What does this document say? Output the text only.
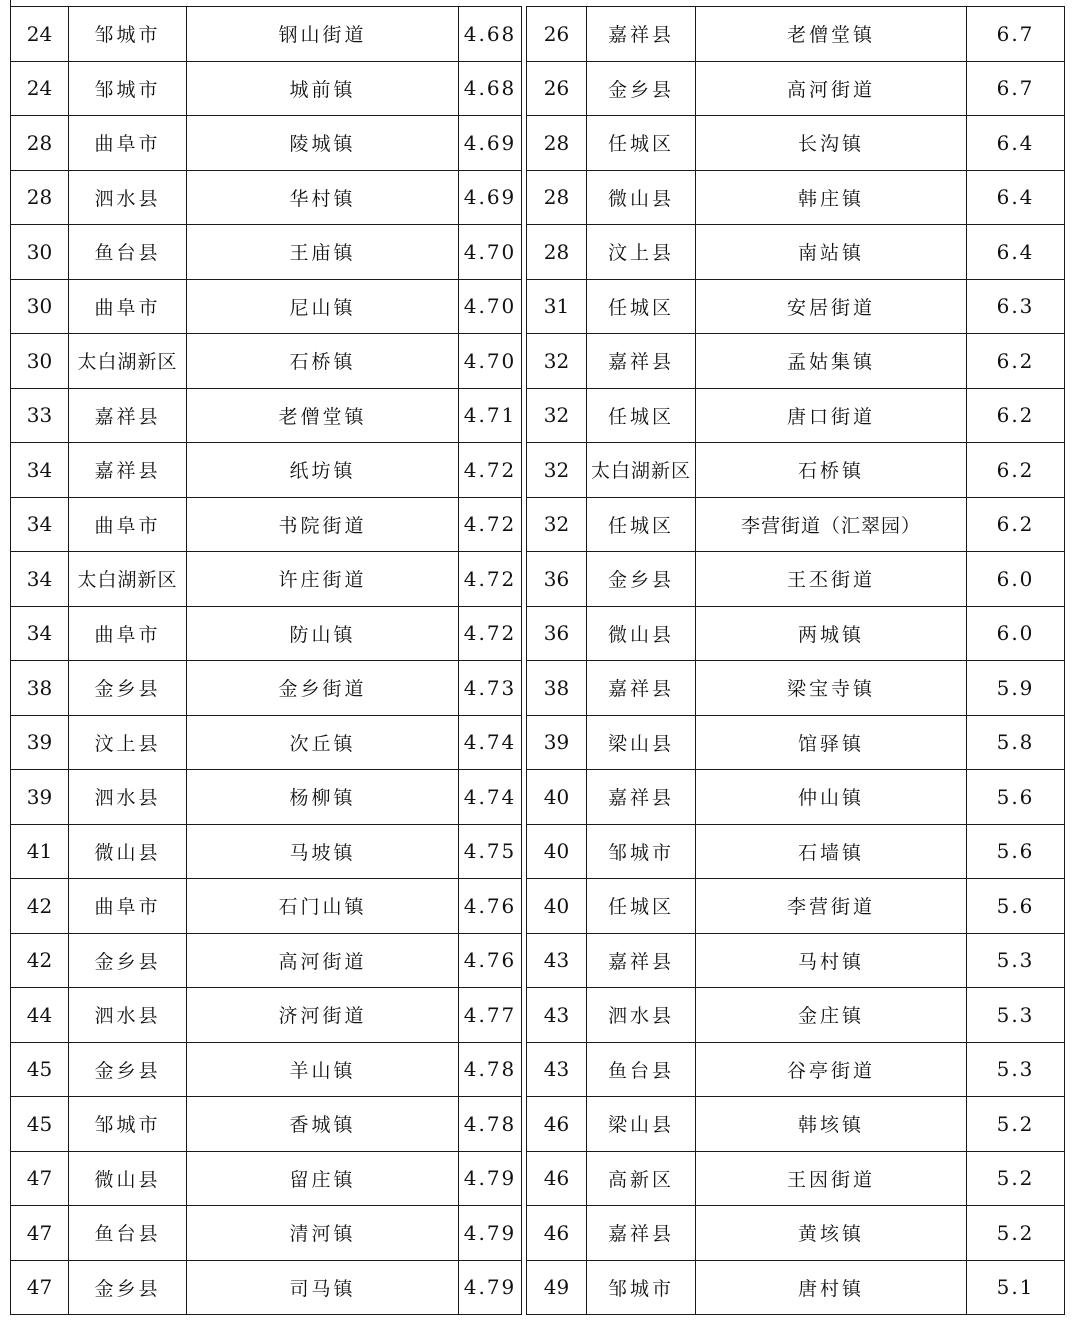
24	邹城市	钢山街道	4.68
24	邹城市	城前镇	4.68
28	曲阜市	陵城镇	4.69
28	泗水县	华村镇	4.69
30	鱼台县	王庙镇	4.70
30	曲阜市	尼山镇	4.70
30	太白湖新区	石桥镇	4.70
33	嘉祥县	老僧堂镇	4.71
34	嘉祥县	纸坊镇	4.72
34	曲阜市	书院街道	4.72
34	太白湖新区	许庄街道	4.72
34	曲阜市	防山镇	4.72
38	金乡县	金乡街道	4.73
39	汶上县	次丘镇	4.74
39	泗水县	杨柳镇	4.74
41	微山县	马坡镇	4.75
42	曲阜市	石门山镇	4.76
42	金乡县	高河街道	4.76
44	泗水县	济河街道	4.77
45	金乡县	羊山镇	4.78
45	邹城市	香城镇	4.78
47	微山县	留庄镇	4.79
47	鱼台县	清河镇	4.79
47	金乡县	司马镇	4.79
26	嘉祥县	老僧堂镇	6.7
26	金乡县	高河街道	6.7
28	任城区	长沟镇	6.4
28	微山县	韩庄镇	6.4
28	汶上县	南站镇	6.4
31	任城区	安居街道	6.3
32	嘉祥县	孟姑集镇	6.2
32	任城区	唐口街道	6.2
32	太白湖新区	石桥镇	6.2
32	任城区	李营街道（汇翠园）	6.2
36	金乡县	王丕街道	6.0
36	微山县	两城镇	6.0
38	嘉祥县	梁宝寺镇	5.9
39	梁山县	馆驿镇	5.8
40	嘉祥县	仲山镇	5.6
40	邹城市	石墙镇	5.6
40	任城区	李营街道	5.6
43	嘉祥县	马村镇	5.3
43	泗水县	金庄镇	5.3
43	鱼台县	谷亭街道	5.3
46	梁山县	韩垓镇	5.2
46	高新区	王因街道	5.2
46	嘉祥县	黄垓镇	5.2
49	邹城市	唐村镇	5.1
